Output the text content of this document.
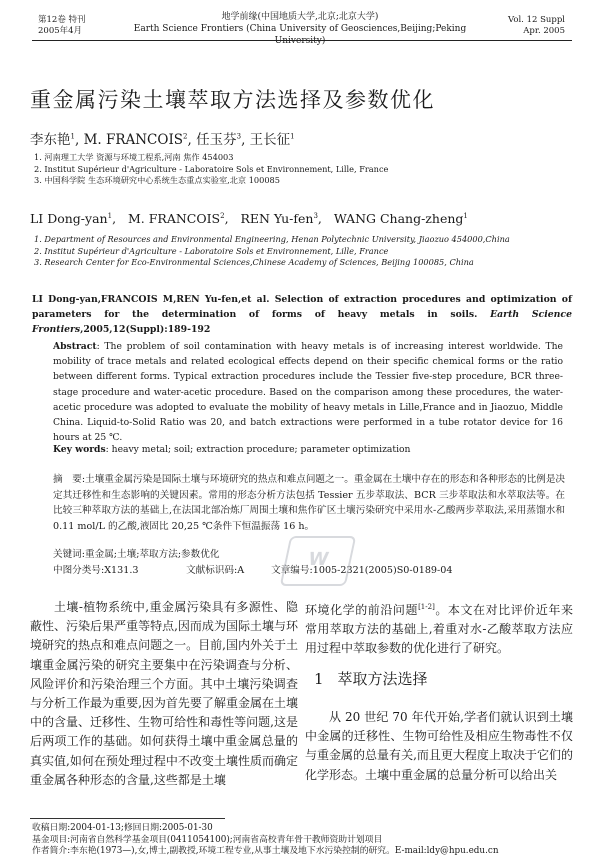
第12卷 特刊
2005年4月
地学前缘(中国地质大学,北京;北京大学)
Earth Science Frontiers (China University of Geosciences,Beijing;Peking University)
Vol. 12 Suppl
Apr. 2005
重金属污染土壤萃取方法选择及参数优化
李东艳$^1$, M. FRANCOIS$^2$, 任玉芬$^3$, 王长征$^1$
1. 河南理工大学 资源与环境工程系,河南 焦作 454003
2. Institut Supérieur d'Agriculture - Laboratoire Sols et Environnement, Lille, France
3. 中国科学院 生态环境研究中心系统生态重点实验室,北京 100085
LI Dong-yan$^1$,   M. FRANCOIS$^2$,   REN Yu-fen$^3$,   WANG Chang-zheng$^1$
1. Department of Resources and Environmental Engineering, Henan Polytechnic University, Jiaozuo 454000,China
2. Institut Supérieur d'Agriculture - Laboratoire Sols et Environnement, Lille, France
3. Research Center for Eco-Environmental Sciences,Chinese Academy of Sciences, Beijing 100085, China
LI Dong-yan,FRANCOIS M,REN Yu-fen,et al. Selection of extraction procedures and optimization of parameters for the determination of forms of heavy metals in soils. Earth Science Frontiers,2005,12(Suppl):189-192
Abstract: The problem of soil contamination with heavy metals is of increasing interest worldwide. The mobility of trace metals and related ecological effects depend on their specific chemical forms or the ratio between different forms. Typical extraction procedures include the Tessier five-step procedure, BCR three-stage procedure and water-acetic procedure. Based on the comparison among these procedures, the water-acetic procedure was adopted to evaluate the mobility of heavy metals in Lille,France and in Jiaozuo, Middle China. Liquid-to-Solid Ratio was 20, and batch extractions were performed in a tube rotator device for 16 hours at 25 ℃.
Key words: heavy metal; soil; extraction procedure; parameter optimization
摘　要:土壤重金属污染是国际土壤与环境研究的热点和难点问题之一。重金属在土壤中存在的形态和各种形态的比例是决定其迁移性和生态影响的关键因素。常用的形态分析方法包括 Tessier 五步萃取法、BCR 三步萃取法和水萃取法等。在比较三种萃取方法的基础上,在法国北部冶炼厂周围土壤和焦作矿区土壤污染研究中采用水-乙酸两步萃取法,采用蒸馏水和 0.11 mol/L 的乙酸,液固比 20,25 ℃条件下恒温振荡 16 h。
关键词:重金属;土壤;萃取方法;参数优化
中图分类号:X131.3	文献标识码:A	文章编号:1005-2321(2005)S0-0189-04
W
土壤-植物系统中,重金属污染具有多源性、隐蔽性、污染后果严重等特点,因而成为国际土壤与环境研究的热点和难点问题之一。目前,国内外关于土壤重金属污染的研究主要集中在污染调查与分析、风险评价和污染治理三个方面。其中土壤污染调查与分析工作最为重要,因为首先要了解重金属在土壤中的含量、迁移性、生物可给性和毒性等问题,这是后两项工作的基础。如何获得土壤中重金属总量的真实值,如何在预处理过程中不改变土壤性质而确定重金属各种形态的含量,这些都是土壤
环境化学的前沿问题[1-2]。本文在对比评价近年来常用萃取方法的基础上,着重对水-乙酸萃取方法应用过程中萃取参数的优化进行了研究。
1 萃取方法选择
从 20 世纪 70 年代开始,学者们就认识到土壤中金属的迁移性、生物可给性及相应生物毒性不仅与重金属的总量有关,而且更大程度上取决于它们的化学形态。土壤中重金属的总量分析可以给出关
收稿日期:2004-01-13;修回日期:2005-01-30
基金项目:河南省自然科学基金项目(0411054100);河南省高校青年骨干教师资助计划项目
作者简介:李东艳(1973—),女,博士,副教授,环境工程专业,从事土壤及地下水污染控制的研究。E-mail:ldy@hpu.edu.cn
